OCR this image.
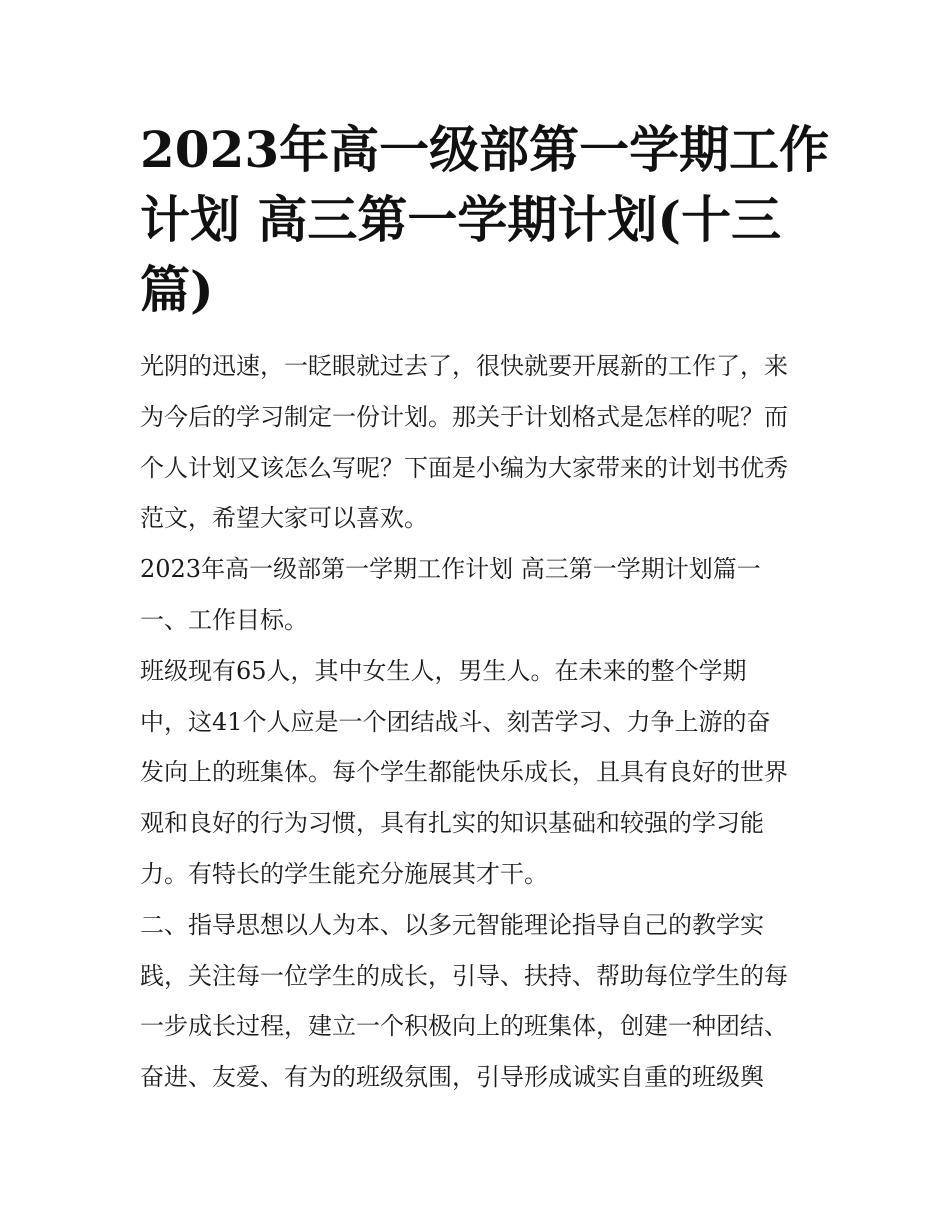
2023年高一级部第一学期工作
计划 高三第一学期计划(十三
篇)
光阴的迅速，一眨眼就过去了，很快就要开展新的工作了，来
为今后的学习制定一份计划。那关于计划格式是怎样的呢？而
个人计划又该怎么写呢？下面是小编为大家带来的计划书优秀
范文，希望大家可以喜欢。
2023年高一级部第一学期工作计划 高三第一学期计划篇一
一、工作目标。
班级现有65人，其中女生人，男生人。在未来的整个学期
中，这41个人应是一个团结战斗、刻苦学习、力争上游的奋
发向上的班集体。每个学生都能快乐成长，且具有良好的世界
观和良好的行为习惯，具有扎实的知识基础和较强的学习能
力。有特长的学生能充分施展其才干。
二、指导思想以人为本、以多元智能理论指导自己的教学实
践，关注每一位学生的成长，引导、扶持、帮助每位学生的每
一步成长过程，建立一个积极向上的班集体，创建一种团结、
奋进、友爱、有为的班级氛围，引导形成诚实自重的班级舆
